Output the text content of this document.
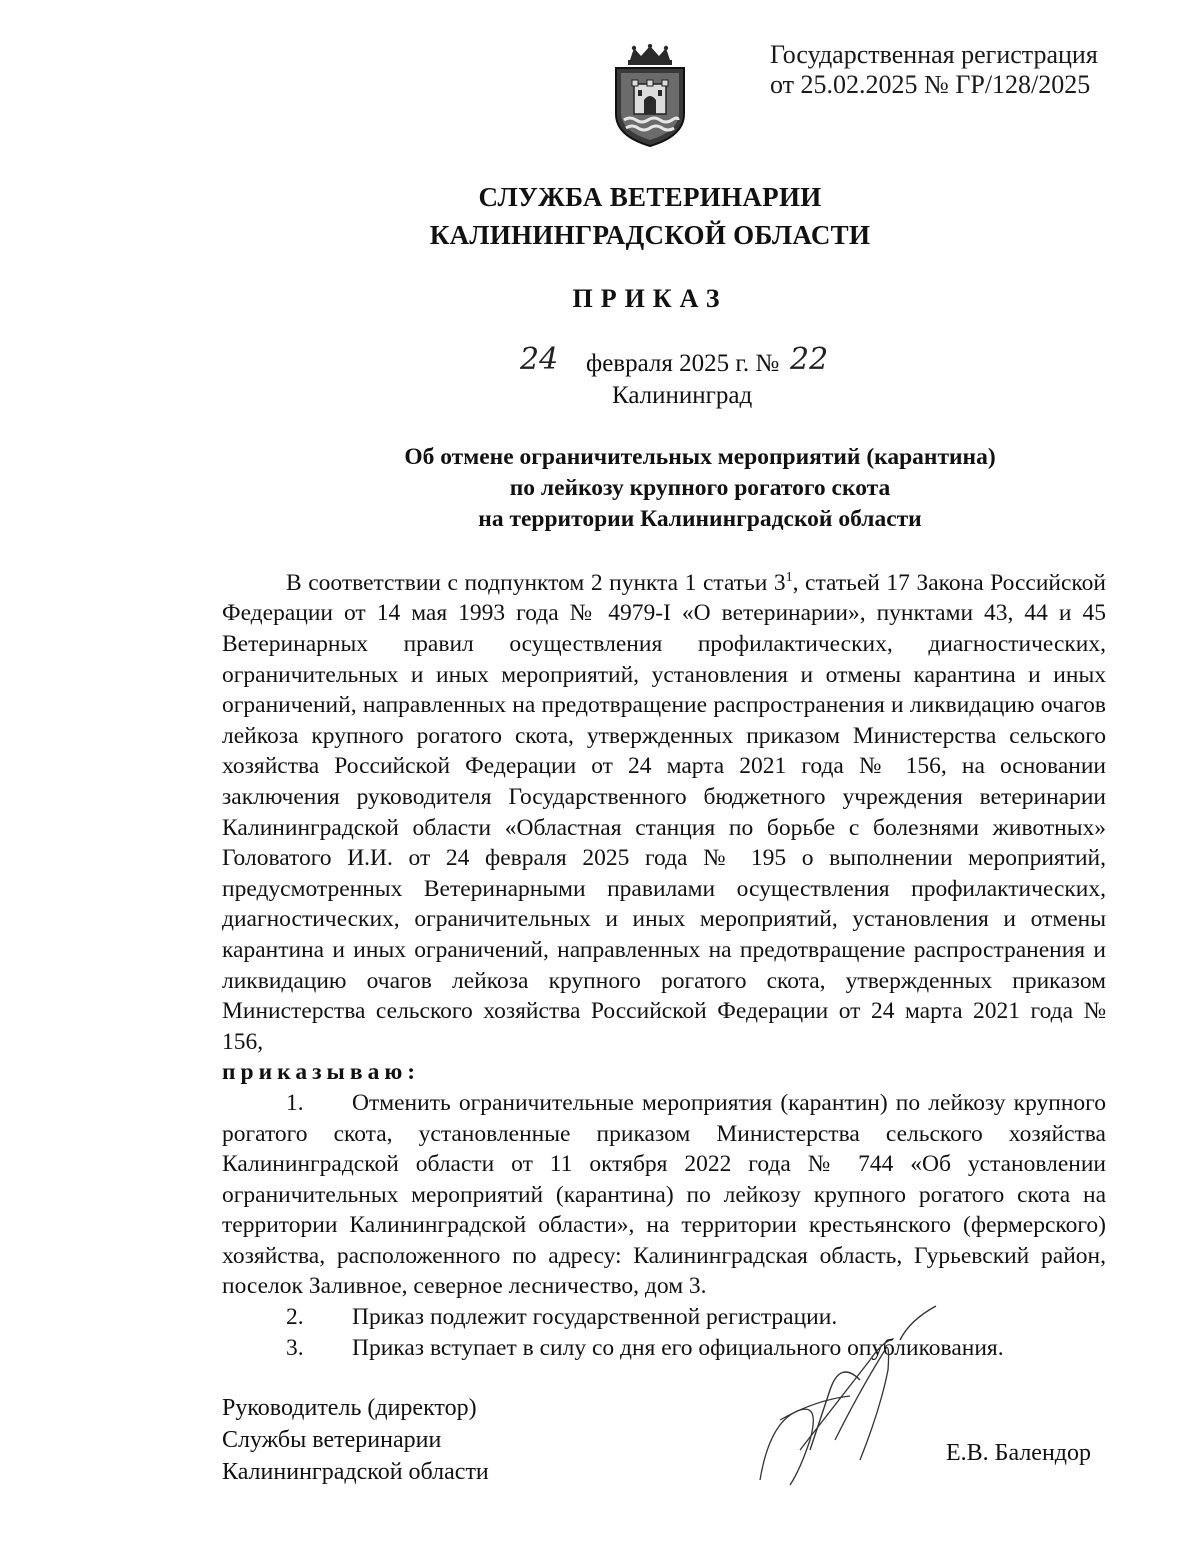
Государственная регистрация
от 25.02.2025 № ГР/128/2025
СЛУЖБА ВЕТЕРИНАРИИ
КАЛИНИНГРАДСКОЙ ОБЛАСТИ
ПРИКАЗ
24 февраля 2025 г. № 22
Калининград
Об отмене ограничительных мероприятий (карантина)
по лейкозу крупного рогатого скота
на территории Калининградской области

В соответствии с подпунктом 2 пункта 1 статьи $3^1$, статьей 17 Закона Российской Федерации от 14 мая 1993 года № 4979-I «О ветеринарии», пунктами 43, 44 и 45 Ветеринарных правил осуществления профилактических, диагностических, ограничительных и иных мероприятий, установления и отмены карантина и иных ограничений, направленных на предотвращение распространения и ликвидацию очагов лейкоза крупного рогатого скота, утвержденных приказом Министерства сельского хозяйства Российской Федерации от 24 марта 2021 года № 156, на основании заключения руководителя Государственного бюджетного учреждения ветеринарии Калининградской области «Областная станция по борьбе с болезнями животных» Головатого И.И. от 24 февраля 2025 года № 195 о выполнении мероприятий, предусмотренных Ветеринарными правилами осуществления профилактических, диагностических, ограничительных и иных мероприятий, установления и отмены карантина и иных ограничений, направленных на предотвращение распространения и ликвидацию очагов лейкоза крупного рогатого скота, утвержденных приказом Министерства сельского хозяйства Российской Федерации от 24 марта 2021 года № 156,

приказываю:

1. Отменить ограничительные мероприятия (карантин) по лейкозу крупного рогатого скота, установленные приказом Министерства сельского хозяйства Калининградской области от 11 октября 2022 года № 744 «Об установлении ограничительных мероприятий (карантина) по лейкозу крупного рогатого скота на территории Калининградской области», на территории крестьянского (фермерского) хозяйства, расположенного по адресу: Калининградская область, Гурьевский район, поселок Заливное, северное лесничество, дом 3.

2.	Приказ подлежит государственной регистрации.
3.	Приказ вступает в силу со дня его официального опубликования.
Руководитель (директор)
Службы ветеринарии
Калининградской области
Е.В. Балендор
